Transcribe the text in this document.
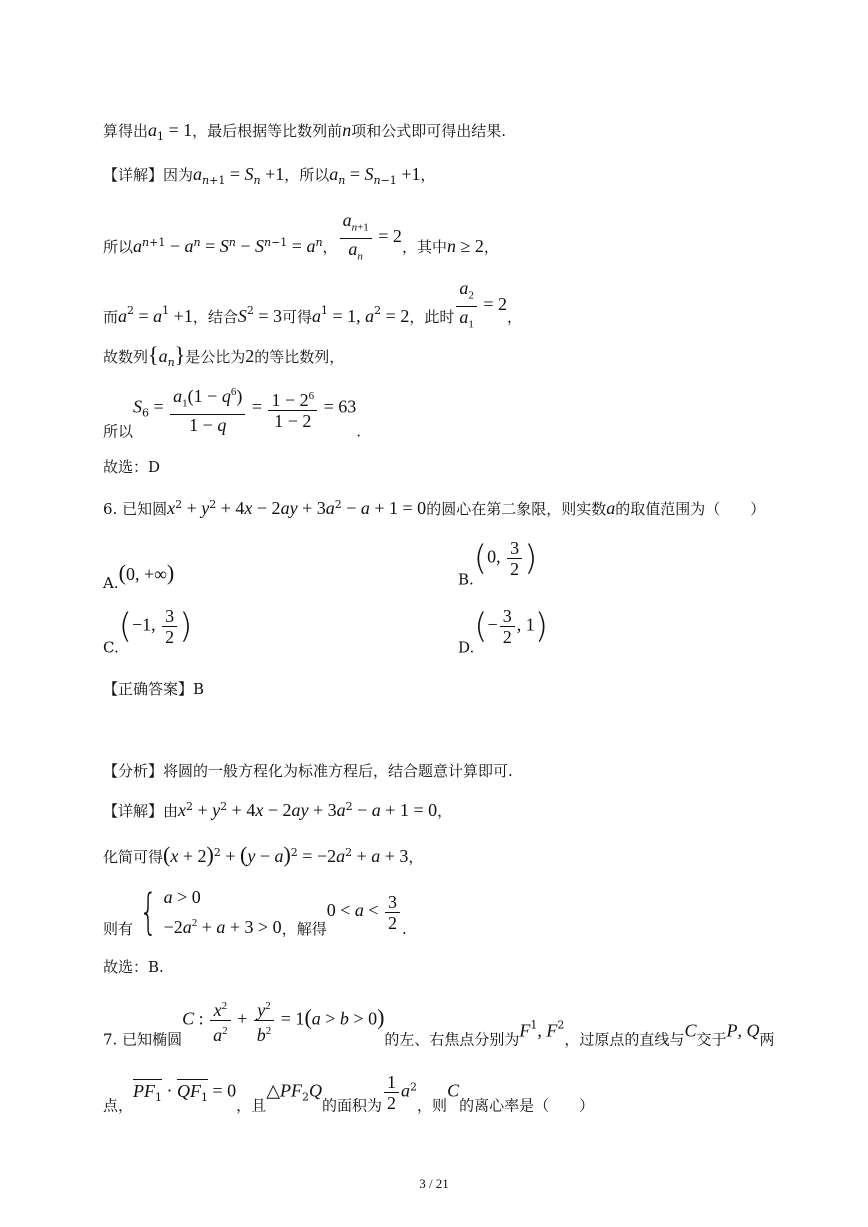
算得出$a_1 = 1$，最后根据等比数列前n项和公式即可得出结果.
【详解】因为$a_{n+1} = S_n +1$，所以$a_n = S_{n-1} +1$，
所以$a_{n+1} - a_n = S_n - S_{n-1} = a_n$， $\frac{a_{n+1}}{a_n} = 2$，其中n ≥ 2，
而$a_2 = a_1 +1$，结合$S_2 = 3$可得$a_1 = 1$, $a_2 = 2$，此时 $\frac{a_2}{a_1} = 2$，
故数列$\{a_n\}$是公比为2的等比数列，
所以$S_6 = \frac{a_1(1 - q^6)}{1 - q} = \frac{1 - 2^6}{1 - 2} = 63$.
故选：D
6. 已知圆$x^2 + y^2 + 4x - 2ay + 3a^2 - a + 1 = 0$的圆心在第二象限，则实数a的取值范围为（　　）
A.(0, +∞)	B.(0, $\frac{3}{2}$ )
C.(−1, $\frac{3}{2}$ )
$D.(- \frac{3}{2}$ , 1)
【正确答案】B
【分析】将圆的一般方程化为标准方程后，结合题意计算即可.
【详解】由$x^2 + y^2 + 4x - 2ay + 3a^2 - a + 1 = 0$，
化简可得$(x + 2)^2 + (y - a)^2 = -2a^2 + a + 3$，
则有 { a > 0
$-2a^2 + a + 3 > 0$ ，解得$0 < a < \frac{3}{2}$ .
故选：B.
7. 已知椭圆C : $\frac{x^2}{a^2} + \frac{y^2}{b^2} = 1(a > b > 0)$的左、右焦点分别为$F_1$, $F_2$，过原点的直线与C交于P, Q两
点，$PF_1 \cdot QF_1 = 0$，且$\triangle PF_2Q$的面积为 $\frac{1}{2} a^2$，则C的离心率是（　　）
3 / 21
